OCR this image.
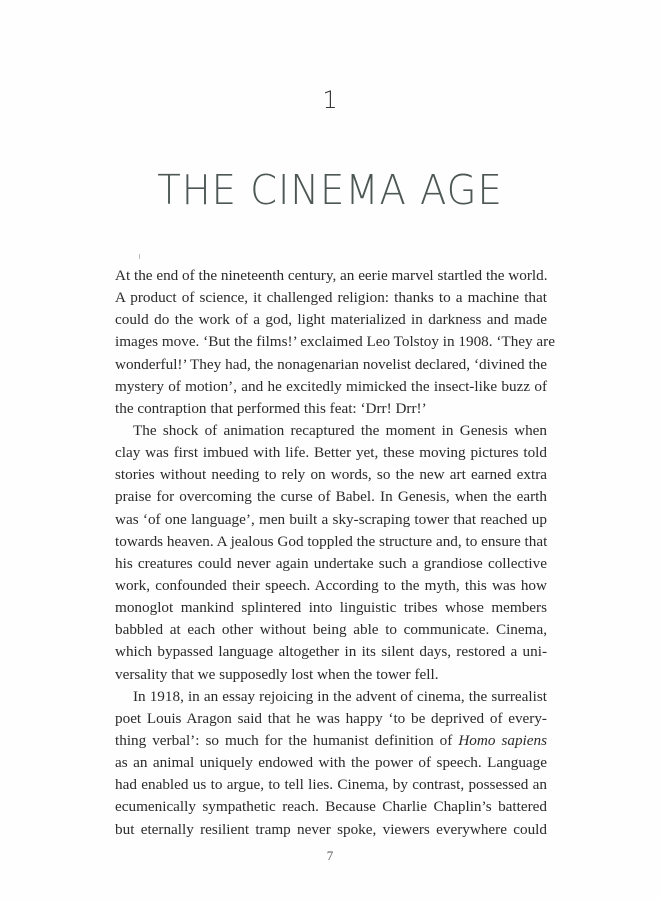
1
THE CINEMA AGE
At the end of the nineteenth century, an eerie marvel startled the world.
A product of science, it challenged religion: thanks to a machine that
could do the work of a god, light materialized in darkness and made
images move. ‘But the films!’ exclaimed Leo Tolstoy in 1908. ‘They are
wonderful!’ They had, the nonagenarian novelist declared, ‘divined the
mystery of motion’, and he excitedly mimicked the insect-like buzz of
the contraption that performed this feat: ‘Drr! Drr!’
The shock of animation recaptured the moment in Genesis when
clay was first imbued with life. Better yet, these moving pictures told
stories without needing to rely on words, so the new art earned extra
praise for overcoming the curse of Babel. In Genesis, when the earth
was ‘of one language’, men built a sky-scraping tower that reached up
towards heaven. A jealous God toppled the structure and, to ensure that
his creatures could never again undertake such a grandiose collective
work, confounded their speech. According to the myth, this was how
monoglot mankind splintered into linguistic tribes whose members
babbled at each other without being able to communicate. Cinema,
which bypassed language altogether in its silent days, restored a uni-
versality that we supposedly lost when the tower fell.
In 1918, in an essay rejoicing in the advent of cinema, the surrealist
poet Louis Aragon said that he was happy ‘to be deprived of every-
thing verbal’: so much for the humanist definition of Homo sapiens
as an animal uniquely endowed with the power of speech. Language
had enabled us to argue, to tell lies. Cinema, by contrast, possessed an
ecumenically sympathetic reach. Because Charlie Chaplin’s battered
but eternally resilient tramp never spoke, viewers everywhere could
7
